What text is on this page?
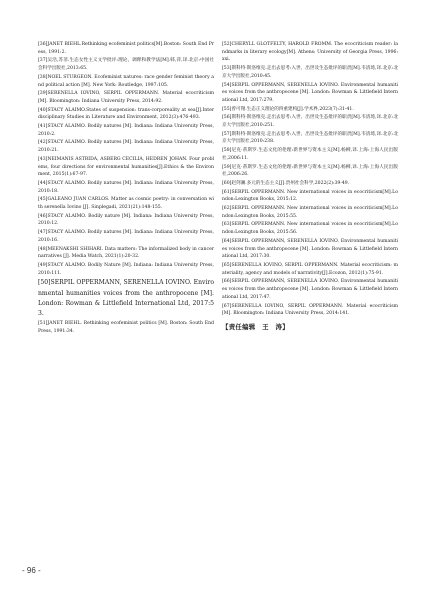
[36]JANET BIEHL.Rethinking ecofeminist politics[M].Boston: South End Press, 1991:2.
[37]吴浩,苏菲.生态女性主义文学批评:理论、调释和教学法[M].韩,萍,译.北京:中国社会科学出版社,2013:65.
[38]NOEL STURGEON. Ecofeminist natures: race gender feminist theory and political action [M]. New York: Routledge, 1997:105.
[39]SERENELLA IOVINO, SERPIL OPPERMANN. Material ecocriticism [M]. Bloomington: Indiana University Press, 2014:92.
[40]STACY ALAIMO.States of suspension: trans-corporeality at sea[J].Interdisciplinary Studies in Literature and Environment, 2012(3):476-493.
[41]STACY ALAIMO. Bodily natures [M]. Indiana: Indiana University Press, 2010:2.
[42]STACY ALAIMO. Bodily natures [M]. Indiana: Indiana University Press, 2010:21.
[43]NEIMANIS ASTRIDA, ASBERG CECILIA, HEDREN JOHAN. Four problems, four directions for environmental humanities[J].Ethics & the Environment, 2015(1):67-97.
[44]STACY ALAIMO. Bodily natures [M]. Indiana: Indiana University Press, 2010:18.
[45]GALEANO JUAN CARLOS. Matter as cosmic poetry: in conversation with serenella Iovino [J]. Sinplegadi, 2021(21):148-155.
[46]STACY ALAIMO. Bodily nature [M]. Indiana: Indiana University Press, 2010:12.
[47]STACY ALAIMO. Bodily natures [M]. Indiana: Indiana University Press, 2010:16.
[48]MEENAKSHI SHIHARI. Data matters: The informalized body in cancer narratives [J]. Media Watch, 2021(1):20-32.
[49]STACY ALAIMO. Bodily Nature [M]. Indiana: Indiana University Press, 2010:111.
[50]SERPIL OPPERMANN, SERENELLA IOVINO. Environmental humanities voices from the anthropocene [M]. London: Rowman & Littlefield International Ltd, 2017:53.
[51]JANET BIEHL. Rethinking ecofeminist politics [M]. Boston: South End Press, 1991:34.
[52]CHERYLL GLOTFELTY, HAROLD FROMM. The ecocriticism reader: landmarks in literary ecology[M]. Athens: University of Georgia Press, 1996:xxi.
[53]斯科特·斯洛维克.走出去思考:入世、出世及生态批评的职责[M].韦清琦,译.北京:北京大学出版社,2010:45.
[54]SERPIL OPPERMANN, SERENELLA IOVINO. Environmental humanities voices from the anthropocene [M]. London: Rowman & Littlefield International Ltd, 2017:279.
[55]曾可翔.生态正义理论的四重建构[J].学术界,2023(7):31-41.
[56]斯科特·斯洛维克.走出去思考:入世、出世及生态批评的职责[M].韦清琦,译.北京:北京大学出版社,2010:251.
[57]斯科特·斯洛维克.走出去思考:入世、出世及生态批评的职责[M].韦清琦,译.北京:北京大学出版社,2010:238.
[58]尼克·蒂斯罗.生态文化的伦理:新世界与资本主义[M].杨柳,译.上海:上海人民出版社,2006:11.
[59]尼克·蒂斯罗.生态文化的伦理:新世界与资本主义[M].杨柳,译.上海:上海人民出版社,2006:26.
[60]赵剑澜.多元的生态主义[J].贵州社会科学,2022(2):39-49.
[61]SERPIL OPPERMANN. New international voices in ecocriticism[M].London:Lexington Books, 2015:12.
[62]SERPIL OPPERMANN. New international voices in ecocriticism[M].London:Lexington Books, 2015:55.
[63]SERPIL OPPERMANN. New international voices in ecocriticism[M].London:Lexington Books, 2015:56.
[64]SERPIL OPPERMANN, SERENELLA IOVINO. Environmental humanities voices from the anthropocene [M]. London: Rowman & Littlefield International Ltd, 2017:30.
[65]SERENELLA IOVINO, SERPIL OPPERMANN. Material ecocriticism: materiality, agency and models of narrativity[J].Ecozon, 2012(1):75-91.
[66]SERPIL OPPERMANN, SERENELLA IOVINO. Environmental humanities voices from the anthropocene [M]. London: Rowman & Littlefield International Ltd, 2017:47.
[67]SERENELLA IOVINO, SERPIL OPPERMANN. Material ecocriticism [M]. Bloomington: Indiana University Press, 2014:141.
【责任编辑　王　涛】
- 96 -
